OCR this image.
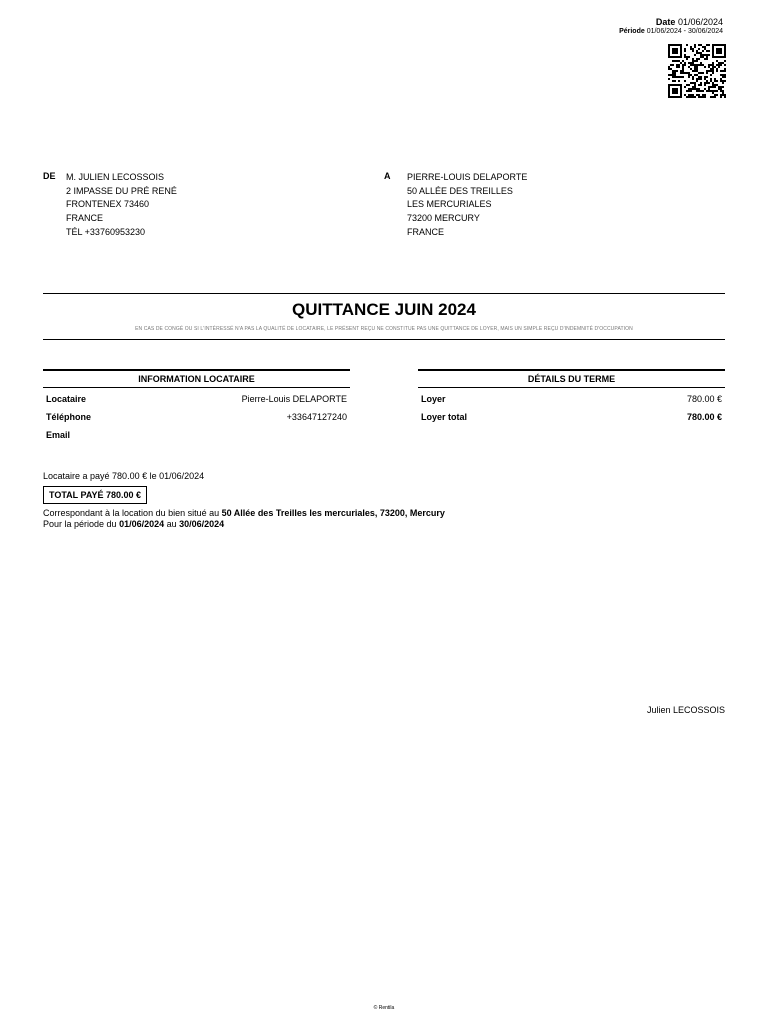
Date 01/06/2024
Période 01/06/2024 - 30/06/2024
DE M. JULIEN LECOSSOIS
2 IMPASSE DU PRÉ RENÉ
FRONTENEX 73460
FRANCE
TÉL +33760953230
A PIERRE-LOUIS DELAPORTE
50 ALLÉE DES TREILLES
LES MERCURIALES
73200 MERCURY
FRANCE
QUITTANCE JUIN 2024
EN CAS DE CONGÉ OU SI L'INTÉRESSÉ N'A PAS LA QUALITÉ DE LOCATAIRE, LE PRÉSENT REÇU NE CONSTITUE PAS UNE QUITTANCE DE LOYER, MAIS UN SIMPLE REÇU D'INDEMNITÉ D'OCCUPATION
INFORMATION LOCATAIRE
Locataire	Pierre-Louis DELAPORTE
Téléphone	+33647127240
Email
DÉTAILS DU TERME
Loyer	780.00 €
Loyer total	780.00 €
Locataire a payé 780.00 € le 01/06/2024
TOTAL PAYÉ 780.00 €
Correspondant à la location du bien situé au 50 Allée des Treilles les mercuriales, 73200, Mercury
Pour la période du 01/06/2024 au 30/06/2024
Julien LECOSSOIS
© Rentila
